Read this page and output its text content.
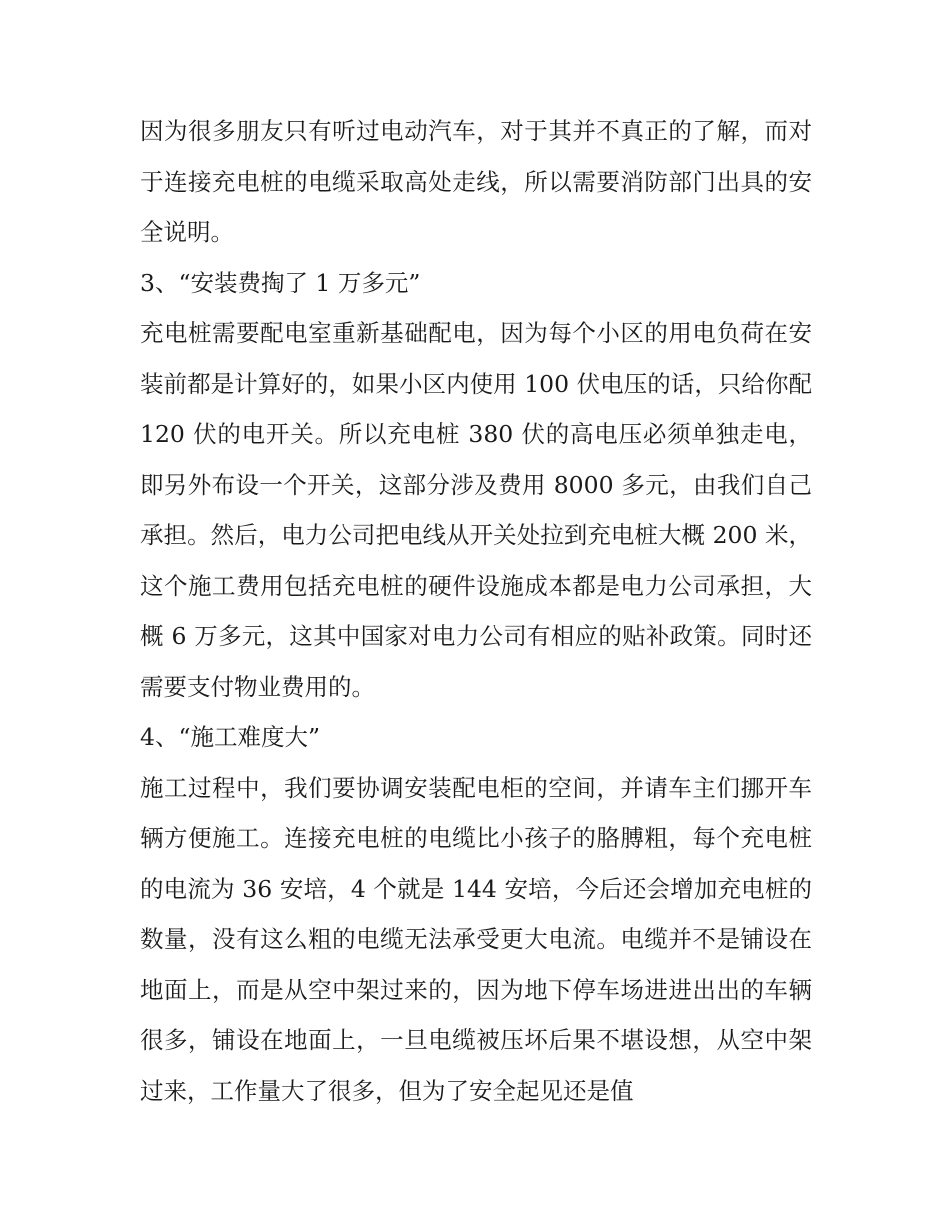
因为很多朋友只有听过电动汽车，对于其并不真正的了解，而对于连接充电桩的电缆采取高处走线，所以需要消防部门出具的安全说明。

3、“安装费掏了 1 万多元”

充电桩需要配电室重新基础配电，因为每个小区的用电负荷在安装前都是计算好的，如果小区内使用 100 伏电压的话，只给你配 120 伏的电开关。所以充电桩 380 伏的高电压必须单独走电，即另外布设一个开关，这部分涉及费用 8000 多元，由我们自己承担。然后，电力公司把电线从开关处拉到充电桩大概 200 米，这个施工费用包括充电桩的硬件设施成本都是电力公司承担，大概 6 万多元，这其中国家对电力公司有相应的贴补政策。同时还需要支付物业费用的。

4、“施工难度大”

施工过程中，我们要协调安装配电柜的空间，并请车主们挪开车辆方便施工。连接充电桩的电缆比小孩子的胳膊粗，每个充电桩的电流为 36 安培，4 个就是 144 安培，今后还会增加充电桩的数量，没有这么粗的电缆无法承受更大电流。电缆并不是铺设在地面上，而是从空中架过来的，因为地下停车场进进出出的车辆很多，铺设在地面上，一旦电缆被压坏后果不堪设想，从空中架过来，工作量大了很多，但为了安全起见还是值
